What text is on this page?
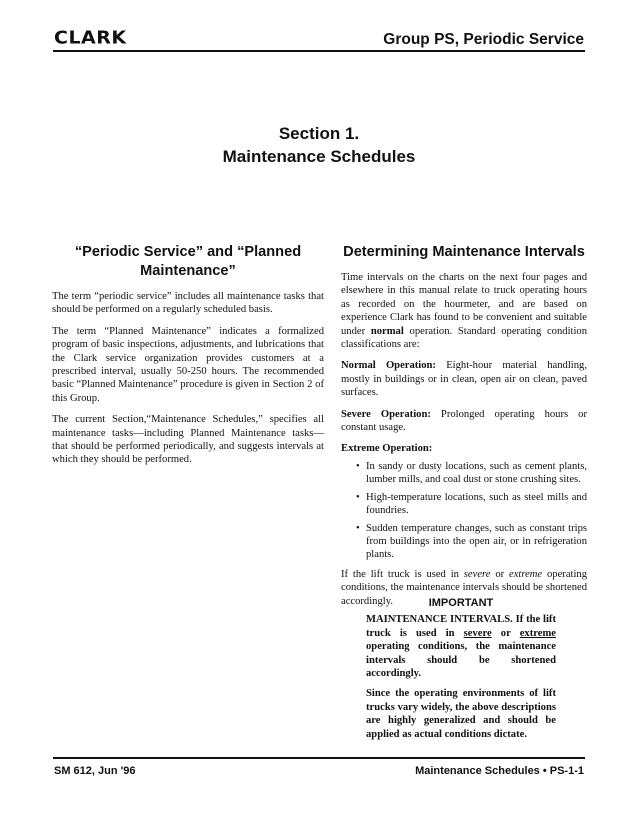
CLARK	Group PS, Periodic Service
Section 1.
Maintenance Schedules
“Periodic Service” and “Planned Maintenance”

The term “periodic service” includes all maintenance tasks that should be performed on a regularly scheduled basis.

The term “Planned Maintenance” indicates a formalized program of basic inspections, adjustments, and lubrications that the Clark service organization provides customers at a prescribed interval, usually 50-250 hours. The recommended basic “Planned Maintenance” procedure is given in Section 2 of this Group.

The current Section,“Maintenance Schedules,” specifies all maintenance tasks—including Planned Maintenance tasks—that should be performed periodically, and suggests intervals at which they should be performed.

Determining Maintenance Intervals

Time intervals on the charts on the next four pages and elsewhere in this manual relate to truck operating hours as recorded on the hourmeter, and are based on experience Clark has found to be convenient and suitable under normal operation. Standard operating condition classifications are:

Normal Operation: Eight-hour material handling, mostly in buildings or in clean, open air on clean, paved surfaces.

Severe Operation: Prolonged operating hours or constant usage.

Extreme Operation:
• In sandy or dusty locations, such as cement plants, lumber mills, and coal dust or stone crushing sites.
• High-temperature locations, such as steel mills and foundries.
• Sudden temperature changes, such as constant trips from buildings into the open air, or in refrigeration plants.

If the lift truck is used in severe or extreme operating conditions, the maintenance intervals should be shortened accordingly.	IMPORTANT

MAINTENANCE INTERVALS. If the lift truck is used in severe or extreme operating conditions, the maintenance intervals should be shortened accordingly.

Since the operating environments of lift trucks vary widely, the above descriptions are highly generalized and should be applied as actual conditions dictate.

SM 612, Jun '96	Maintenance Schedules • PS-1-1
